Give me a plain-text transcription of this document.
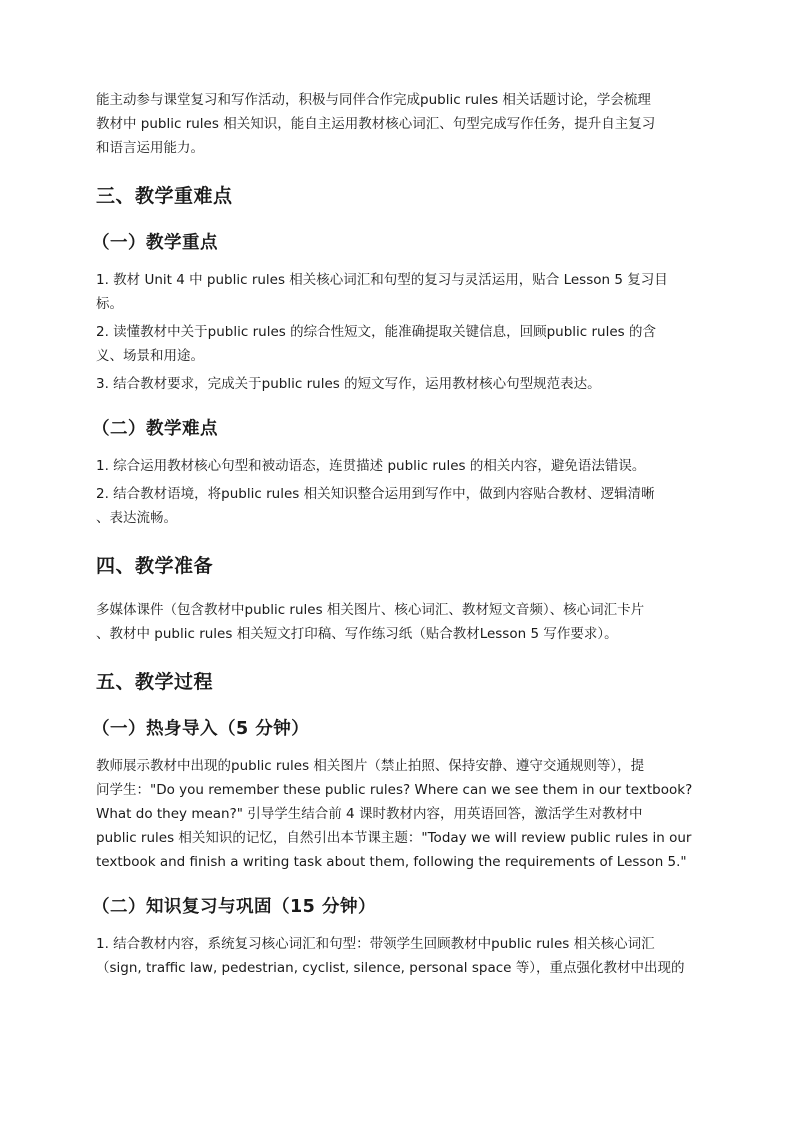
能主动参与课堂复习和写作活动，积极与同伴合作完成public rules 相关话题讨论，学会梳理
教材中 public rules 相关知识，能自主运用教材核心词汇、句型完成写作任务，提升自主复习
和语言运用能力。
三、教学重难点
（一）教学重点
1. 教材 Unit 4 中 public rules 相关核心词汇和句型的复习与灵活运用，贴合 Lesson 5 复习目
标。
2. 读懂教材中关于public rules 的综合性短文，能准确提取关键信息，回顾public rules 的含
义、场景和用途。
3. 结合教材要求，完成关于public rules 的短文写作，运用教材核心句型规范表达。
（二）教学难点
1. 综合运用教材核心句型和被动语态，连贯描述 public rules 的相关内容，避免语法错误。
2. 结合教材语境，将public rules 相关知识整合运用到写作中，做到内容贴合教材、逻辑清晰
、表达流畅。
四、教学准备
多媒体课件（包含教材中public rules 相关图片、核心词汇、教材短文音频）、核心词汇卡片
、教材中 public rules 相关短文打印稿、写作练习纸（贴合教材Lesson 5 写作要求）。
五、教学过程
（一）热身导入（5 分钟）
教师展示教材中出现的public rules 相关图片（禁止拍照、保持安静、遵守交通规则等），提
问学生："Do you remember these public rules? Where can we see them in our textbook?
What do they mean?" 引导学生结合前 4 课时教材内容，用英语回答，激活学生对教材中
public rules 相关知识的记忆，自然引出本节课主题："Today we will review public rules in our
textbook and finish a writing task about them, following the requirements of Lesson 5."
（二）知识复习与巩固（15 分钟）
1. 结合教材内容，系统复习核心词汇和句型：带领学生回顾教材中public rules 相关核心词汇
（sign, traffic law, pedestrian, cyclist, silence, personal space 等），重点强化教材中出现的
